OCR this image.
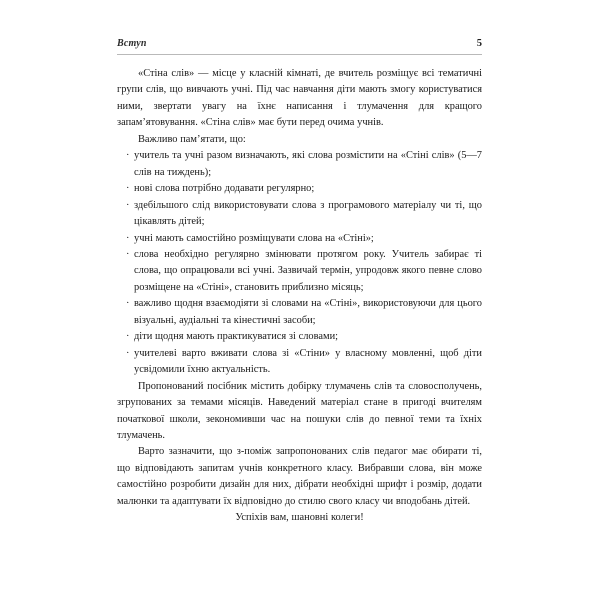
Вступ	5

«Стіна слів» — місце у класній кімнаті, де вчитель розміщує всі тематичні групи слів, що вивчають учні. Під час навчання діти мають змогу користуватися ними, звертати увагу на їхнє написання і тлумачення для кращого запам’ятовування. «Стіна слів» має бути перед очима учнів.

Важливо пам’ятати, що:

· учитель та учні разом визначають, які слова розмістити на «Стіні слів» (5—7 слів на тиждень);
· нові слова потрібно додавати регулярно;
· здебільшого слід використовувати слова з програмового матеріалу чи ті, що цікавлять дітей;
· учні мають самостійно розміщувати слова на «Стіні»;
· слова необхідно регулярно змінювати протягом року. Учитель забирає ті слова, що опрацювали всі учні. Зазвичай термін, упродовж якого певне слово розміщене на «Стіні», становить приблизно місяць;
· важливо щодня взаємодіяти зі словами на «Стіні», використовуючи для цього візуальні, аудіальні та кінестичні засоби;
· діти щодня мають практикуватися зі словами;
· учителеві варто вживати слова зі «Стіни» у власному мовленні, щоб діти усвідомили їхню актуальність.

Пропонований посібник містить добірку тлумачень слів та словосполучень, згрупованих за темами місяців. Наведений матеріал стане в пригоді вчителям початкової школи, зекономивши час на пошуки слів до певної теми та їхніх тлумачень.

Варто зазначити, що з-поміж запропонованих слів педагог має обирати ті, що відповідають запитам учнів конкретного класу. Вибравши слова, він може самостійно розробити дизайн для них, дібрати необхідні шрифт і розмір, додати малюнки та адаптувати їх відповідно до стилю свого класу чи вподобань дітей.

Успіхів вам, шановні колеги!
